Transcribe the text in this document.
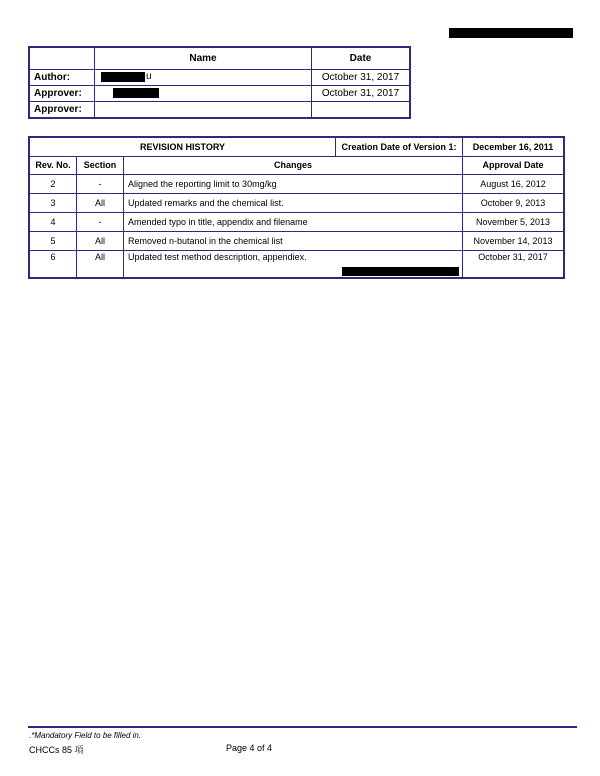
	Name	Date
Author:	u	October 31, 2017
Approver:		October 31, 2017
Approver:		
REVISION HISTORY			Creation Date of Version 1:	December 16, 2011
Rev. No.	Section	Changes		Approval Date
2	-	Aligned the reporting limit to 30mg/kg		August 16, 2012
3	All	Updated remarks and the chemical list.		October 9, 2013
4	-	Amended typo in title, appendix and filename		November 5, 2013
5	All	Removed n-butanol in the chemical list		November 14, 2013
6	All	Updated test method description, appendiex.		October 31, 2017
.*Mandatory Field to be filled in.
CHCCs 85 項	Page 4 of 4
